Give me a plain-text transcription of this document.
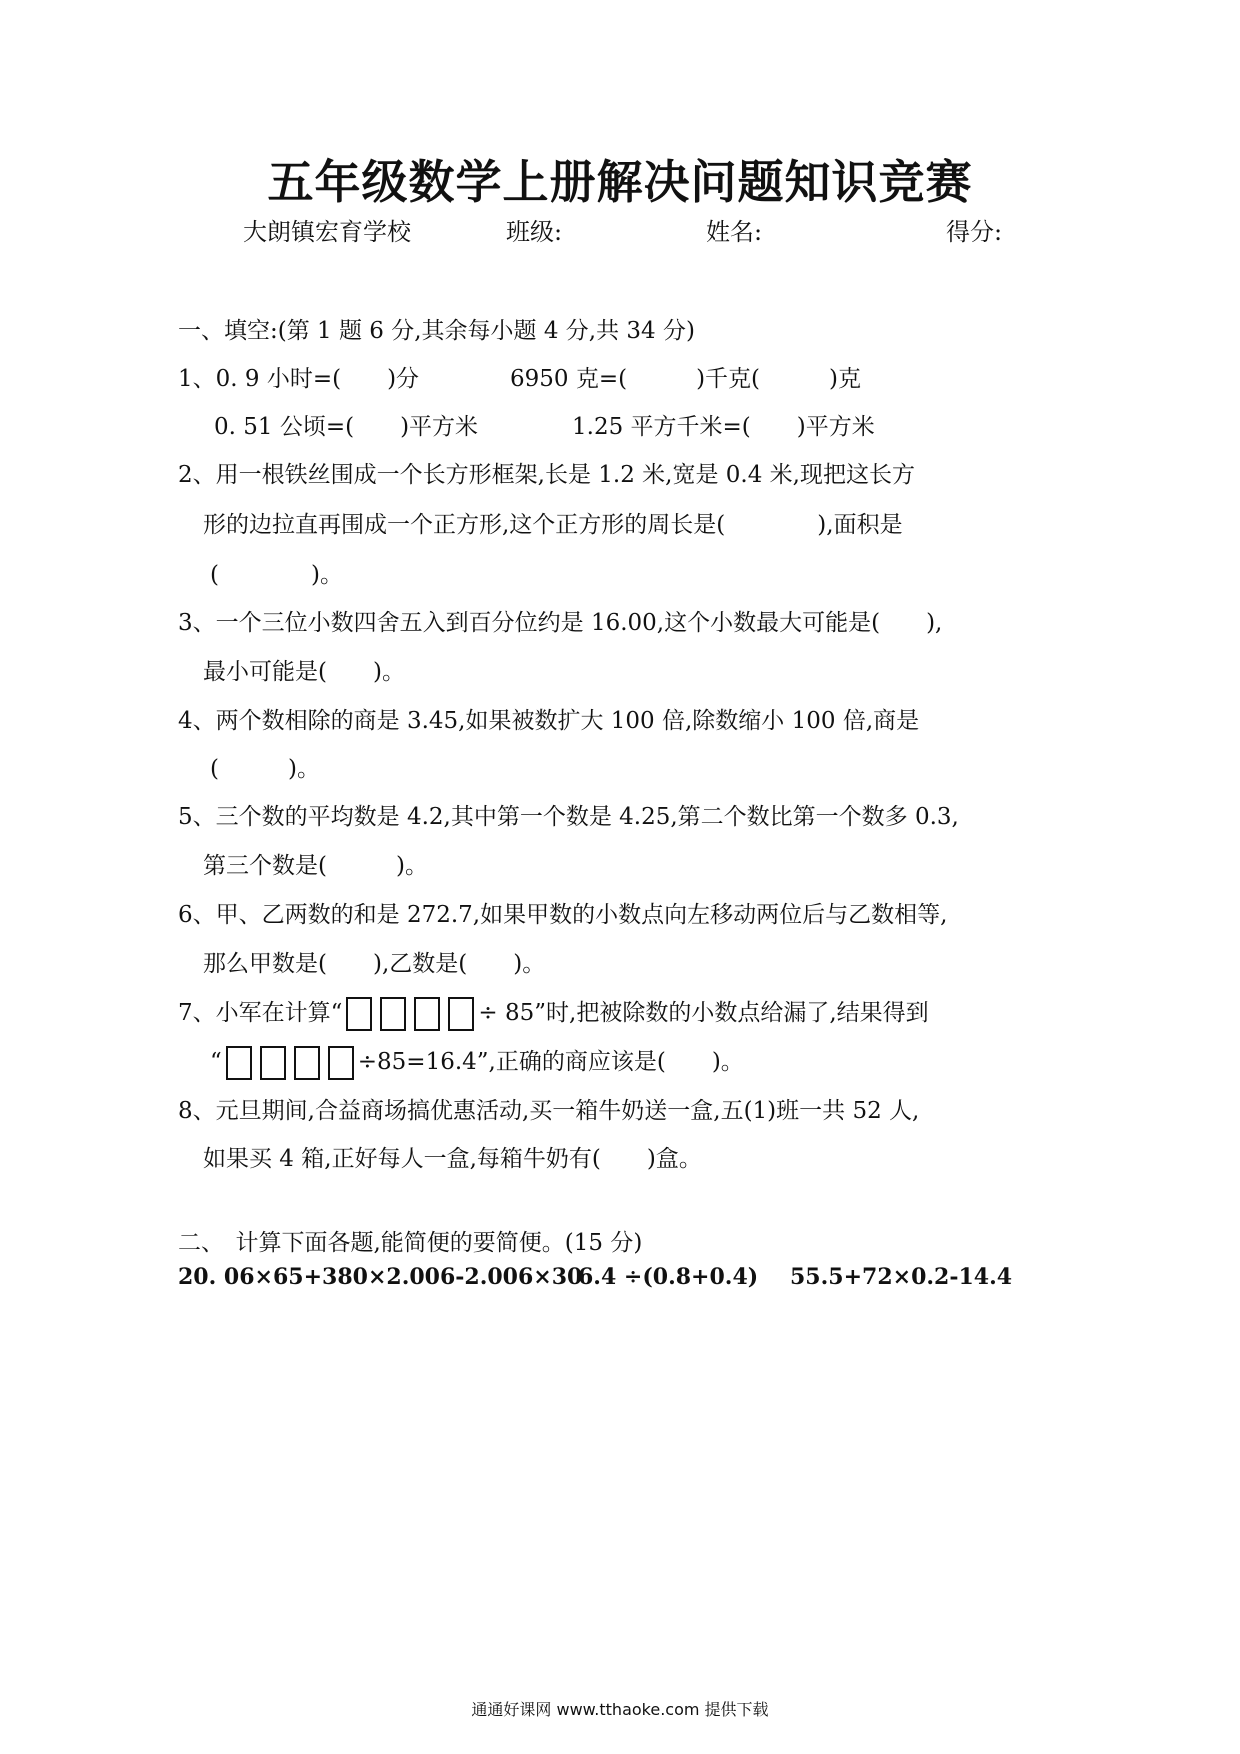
五年级数学上册解决问题知识竞赛
大朗镇宏育学校	班级:	姓名:	得分:
一、填空:(第 1 题 6 分,其余每小题 4 分,共 34 分)
1、0. 9 小时=(　　)分	6950 克=(　　　)千克(　　　)克
0. 51 公顷=(　　)平方米	1.25 平方千米=(　　)平方米
2、用一根铁丝围成一个长方形框架,长是 1.2 米,宽是 0.4 米,现把这长方
形的边拉直再围成一个正方形,这个正方形的周长是(　　　　),面积是
(　　　　)。
3、一个三位小数四舍五入到百分位约是 16.00,这个小数最大可能是(　　),
最小可能是(　　)。
4、两个数相除的商是 3.45,如果被数扩大 100 倍,除数缩小 100 倍,商是
(　　　)。
5、三个数的平均数是 4.2,其中第一个数是 4.25,第二个数比第一个数多 0.3,
第三个数是(　　　)。
6、甲、乙两数的和是 272.7,如果甲数的小数点向左移动两位后与乙数相等,
那么甲数是(　　),乙数是(　　)。
7、小军在计算“	÷ 85”时,把被除数的小数点给漏了,结果得到
“	÷85=16.4”,正确的商应该是(　　)。
8、元旦期间,合益商场搞优惠活动,买一箱牛奶送一盒,五(1)班一共 52 人,
如果买 4 箱,正好每人一盒,每箱牛奶有(　　)盒。
二、　计算下面各题,能简便的要简便。(15 分)
20. 06×65+380×2.006-2.006×30
6.4 ÷(0.8+0.4) 55.5+72×0.2-14.4
通通好课网 www.tthaoke.com 提供下载
